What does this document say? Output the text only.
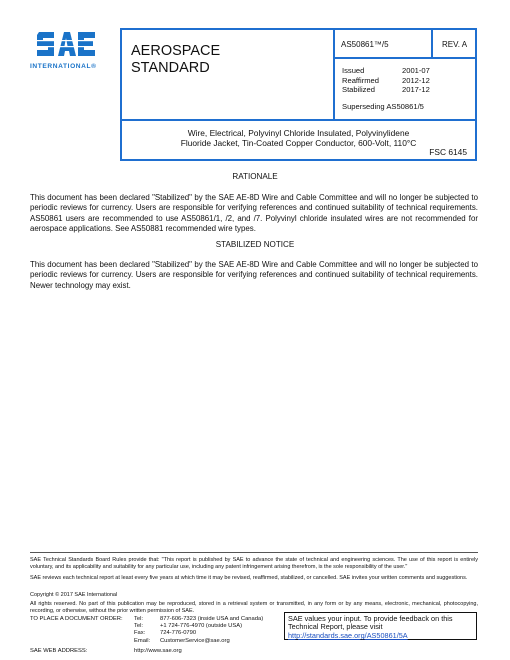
INTERNATIONAL®
AEROSPACE
STANDARD
AS50861™/5	REV. A
Issued	2001-07
Reaffirmed	2012-12
Stabilized	2017-12
Superseding AS50861/5
Wire, Electrical, Polyvinyl Chloride Insulated, Polyvinylidene
Fluoride Jacket, Tin-Coated Copper Conductor, 600-Volt, 110°C
FSC 6145
RATIONALE
This document has been declared "Stabilized" by the SAE AE-8D Wire and Cable Committee and will no longer be subjected to periodic reviews for currency. Users are responsible for verifying references and continued suitability of technical requirements. AS50861 users are recommended to use AS50861/1, /2, and /7. Polyvinyl chloride insulated wires are not recommended for aerospace applications. See AS50881 recommended wire types.
STABILIZED NOTICE
This document has been declared "Stabilized" by the SAE AE-8D Wire and Cable Committee and will no longer be subjected to periodic reviews for currency. Users are responsible for verifying references and continued suitability of technical requirements. Newer technology may exist.
SAE Technical Standards Board Rules provide that: "This report is published by SAE to advance the state of technical and engineering sciences. The use of this report is entirely voluntary, and its applicability and suitability for any particular use, including any patent infringement arising therefrom, is the sole responsibility of the user."
SAE reviews each technical report at least every five years at which time it may be revised, reaffirmed, stabilized, or cancelled. SAE invites your written comments and suggestions.
Copyright © 2017 SAE International
All rights reserved. No part of this publication may be reproduced, stored in a retrieval system or transmitted, in any form or by any means, electronic, mechanical, photocopying, recording, or otherwise, without the prior written permission of SAE.
TO PLACE A DOCUMENT ORDER: Tel:	877-606-7323 (inside USA and Canada)
Tel:	+1 724-776-4970 (outside USA)
Fax:	724-776-0790
Email:	CustomerService@sae.org
SAE WEB ADDRESS:	http://www.sae.org
SAE values your input. To provide feedback on this Technical Report, please visit
http://standards.sae.org/AS50861/5A
